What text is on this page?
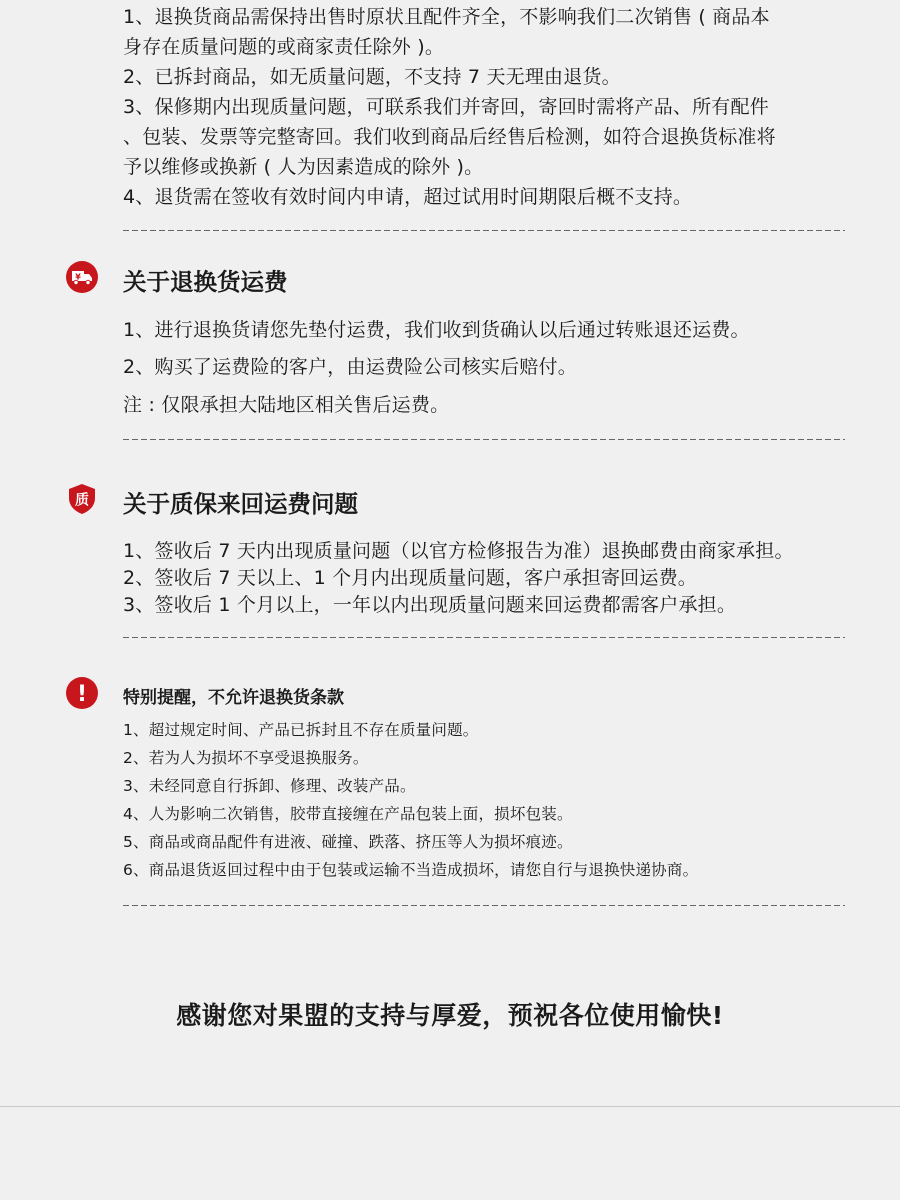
1、退换货商品需保持出售时原状且配件齐全，不影响我们二次销售 ( 商品本
身存在质量问题的或商家责任除外 )。
2、已拆封商品，如无质量问题，不支持 7 天无理由退货。
3、保修期内出现质量问题，可联系我们并寄回，寄回时需将产品、所有配件
、包装、发票等完整寄回。我们收到商品后经售后检测，如符合退换货标准将
予以维修或换新 ( 人为因素造成的除外 )。
4、退货需在签收有效时间内申请，超过试用时间期限后概不支持。
¥ 关于退换货运费
1、进行退换货请您先垫付运费，我们收到货确认以后通过转账退还运费。
2、购买了运费险的客户，由运费险公司核实后赔付。
注 : 仅限承担大陆地区相关售后运费。
质 关于质保来回运费问题
1、签收后 7 天内出现质量问题（以官方检修报告为准）退换邮费由商家承担。
2、签收后 7 天以上、1 个月内出现质量问题，客户承担寄回运费。
3、签收后 1 个月以上，一年以内出现质量问题来回运费都需客户承担。
! 特别提醒，不允许退换货条款
1、超过规定时间、产品已拆封且不存在质量问题。
2、若为人为损坏不享受退换服务。
3、未经同意自行拆卸、修理、改装产品。
4、人为影响二次销售，胶带直接缠在产品包装上面，损坏包装。
5、商品或商品配件有进液、碰撞、跌落、挤压等人为损坏痕迹。
6、商品退货返回过程中由于包装或运输不当造成损坏，请您自行与退换快递协商。
感谢您对果盟的支持与厚爱，预祝各位使用愉快!
